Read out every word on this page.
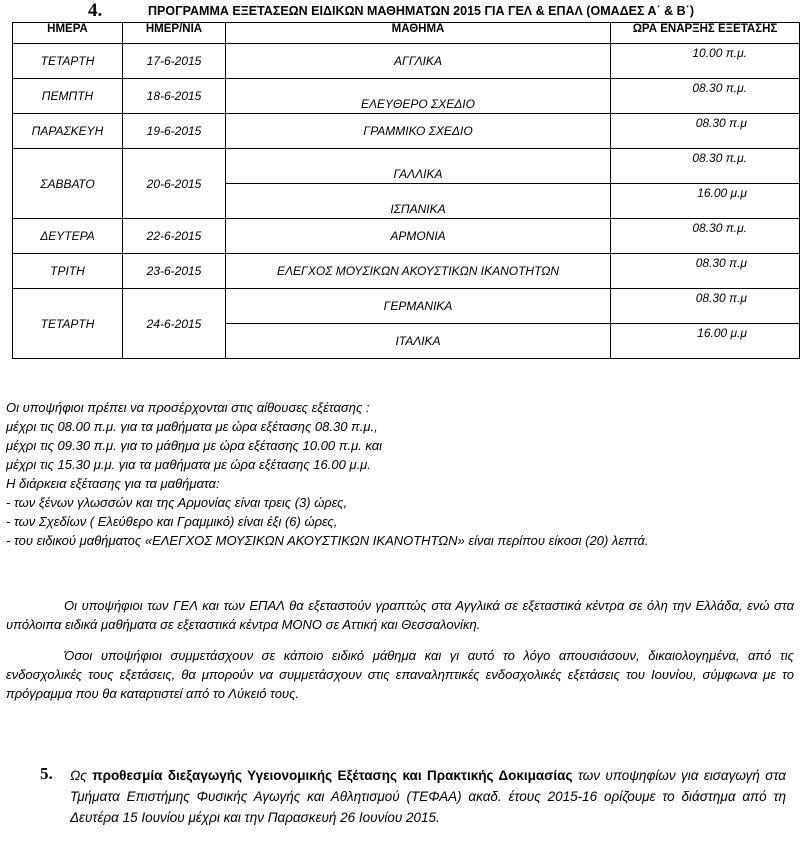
4.	ΠΡΟΓΡΑΜΜΑ ΕΞΕΤΑΣΕΩΝ ΕΙΔΙΚΩΝ ΜΑΘΗΜΑΤΩΝ 2015 ΓΙΑ ΓΕΛ & ΕΠΑΛ (ΟΜΑΔΕΣ Α΄ & Β΄)
ΗΜΕΡΑ	ΗΜΕΡ/ΝΙΑ	ΜΑΘΗΜΑ	ΩΡΑ ΕΝΑΡΞΗΣ ΕΞΕΤΑΣΗΣ
ΤΕΤΑΡΤΗ	17-6-2015	ΑΓΓΛΙΚΑ	10.00 π.μ.
ΠΕΜΠΤΗ	18-6-2015	ΕΛΕΥΘΕΡΟ ΣΧΕΔΙΟ	08.30 π.μ.
ΠΑΡΑΣΚΕΥΗ	19-6-2015	ΓΡΑΜΜΙΚΟ ΣΧΕΔΙΟ	08.30 π.μ
ΣΑΒΒΑΤΟ	20-6-2015	ΓΑΛΛΙΚΑ	08.30 π.μ.
		ΙΣΠΑΝΙΚΑ	16.00 μ.μ
ΔΕΥΤΕΡΑ	22-6-2015	ΑΡΜΟΝΙΑ	08.30 π.μ.
ΤΡΙΤΗ	23-6-2015	ΕΛΕΓΧΟΣ ΜΟΥΣΙΚΩΝ ΑΚΟΥΣΤΙΚΩΝ ΙΚΑΝΟΤΗΤΩΝ	08.30 π.μ
ΤΕΤΑΡΤΗ	24-6-2015	ΓΕΡΜΑΝΙΚΑ	08.30 π.μ
		ΙΤΑΛΙΚΑ	16.00 μ.μ
Οι υποψήφιοι πρέπει να προσέρχονται στις αίθουσες εξέτασης :
μέχρι τις 08.00 π.μ. για τα μαθήματα με ώρα εξέτασης 08.30 π.μ.,
μέχρι τις 09.30 π.μ. για το μάθημα με ώρα εξέτασης 10.00 π.μ. και
μέχρι τις 15.30 μ.μ. για τα μαθήματα με ώρα εξέτασης 16.00 μ.μ.
Η διάρκεια εξέτασης για τα μαθήματα:
- των ξένων γλωσσών και της Αρμονίας είναι τρεις (3) ώρες,
- των Σχεδίων ( Ελεύθερο και Γραμμικό) είναι έξι (6) ώρες,
- του ειδικού μαθήματος «ΕΛΕΓΧΟΣ ΜΟΥΣΙΚΩΝ ΑΚΟΥΣΤΙΚΩΝ ΙΚΑΝΟΤΗΤΩΝ» είναι περίπου είκοσι (20) λεπτά.
Οι υποψήφιοι των ΓΕΛ και των ΕΠΑΛ θα εξεταστούν γραπτώς στα Αγγλικά σε εξεταστικά κέντρα σε όλη την Ελλάδα, ενώ στα υπόλοιπα ειδικά μαθήματα σε εξεταστικά κέντρα ΜΟΝΟ σε Αττική και Θεσσαλονίκη.
Όσοι υποψήφιοι συμμετάσχουν σε κάποιο ειδικό μάθημα και γι αυτό το λόγο απουσιάσουν, δικαιολογημένα, από τις ενδοσχολικές τους εξετάσεις, θα μπορούν να συμμετάσχουν στις επαναληπτικές ενδοσχολικές εξετάσεις του Ιουνίου, σύμφωνα με το πρόγραμμα που θα καταρτιστεί από το Λύκειό τους.
5. Ως προθεσμία διεξαγωγής Υγειονομικής Εξέτασης και Πρακτικής Δοκιμασίας των υποψηφίων για εισαγωγή στα Τμήματα Επιστήμης Φυσικής Αγωγής και Αθλητισμού (ΤΕΦΑΑ) ακαδ. έτους 2015-16 ορίζουμε το διάστημα από τη Δευτέρα 15 Ιουνίου μέχρι και την Παρασκευή 26 Ιουνίου 2015.
